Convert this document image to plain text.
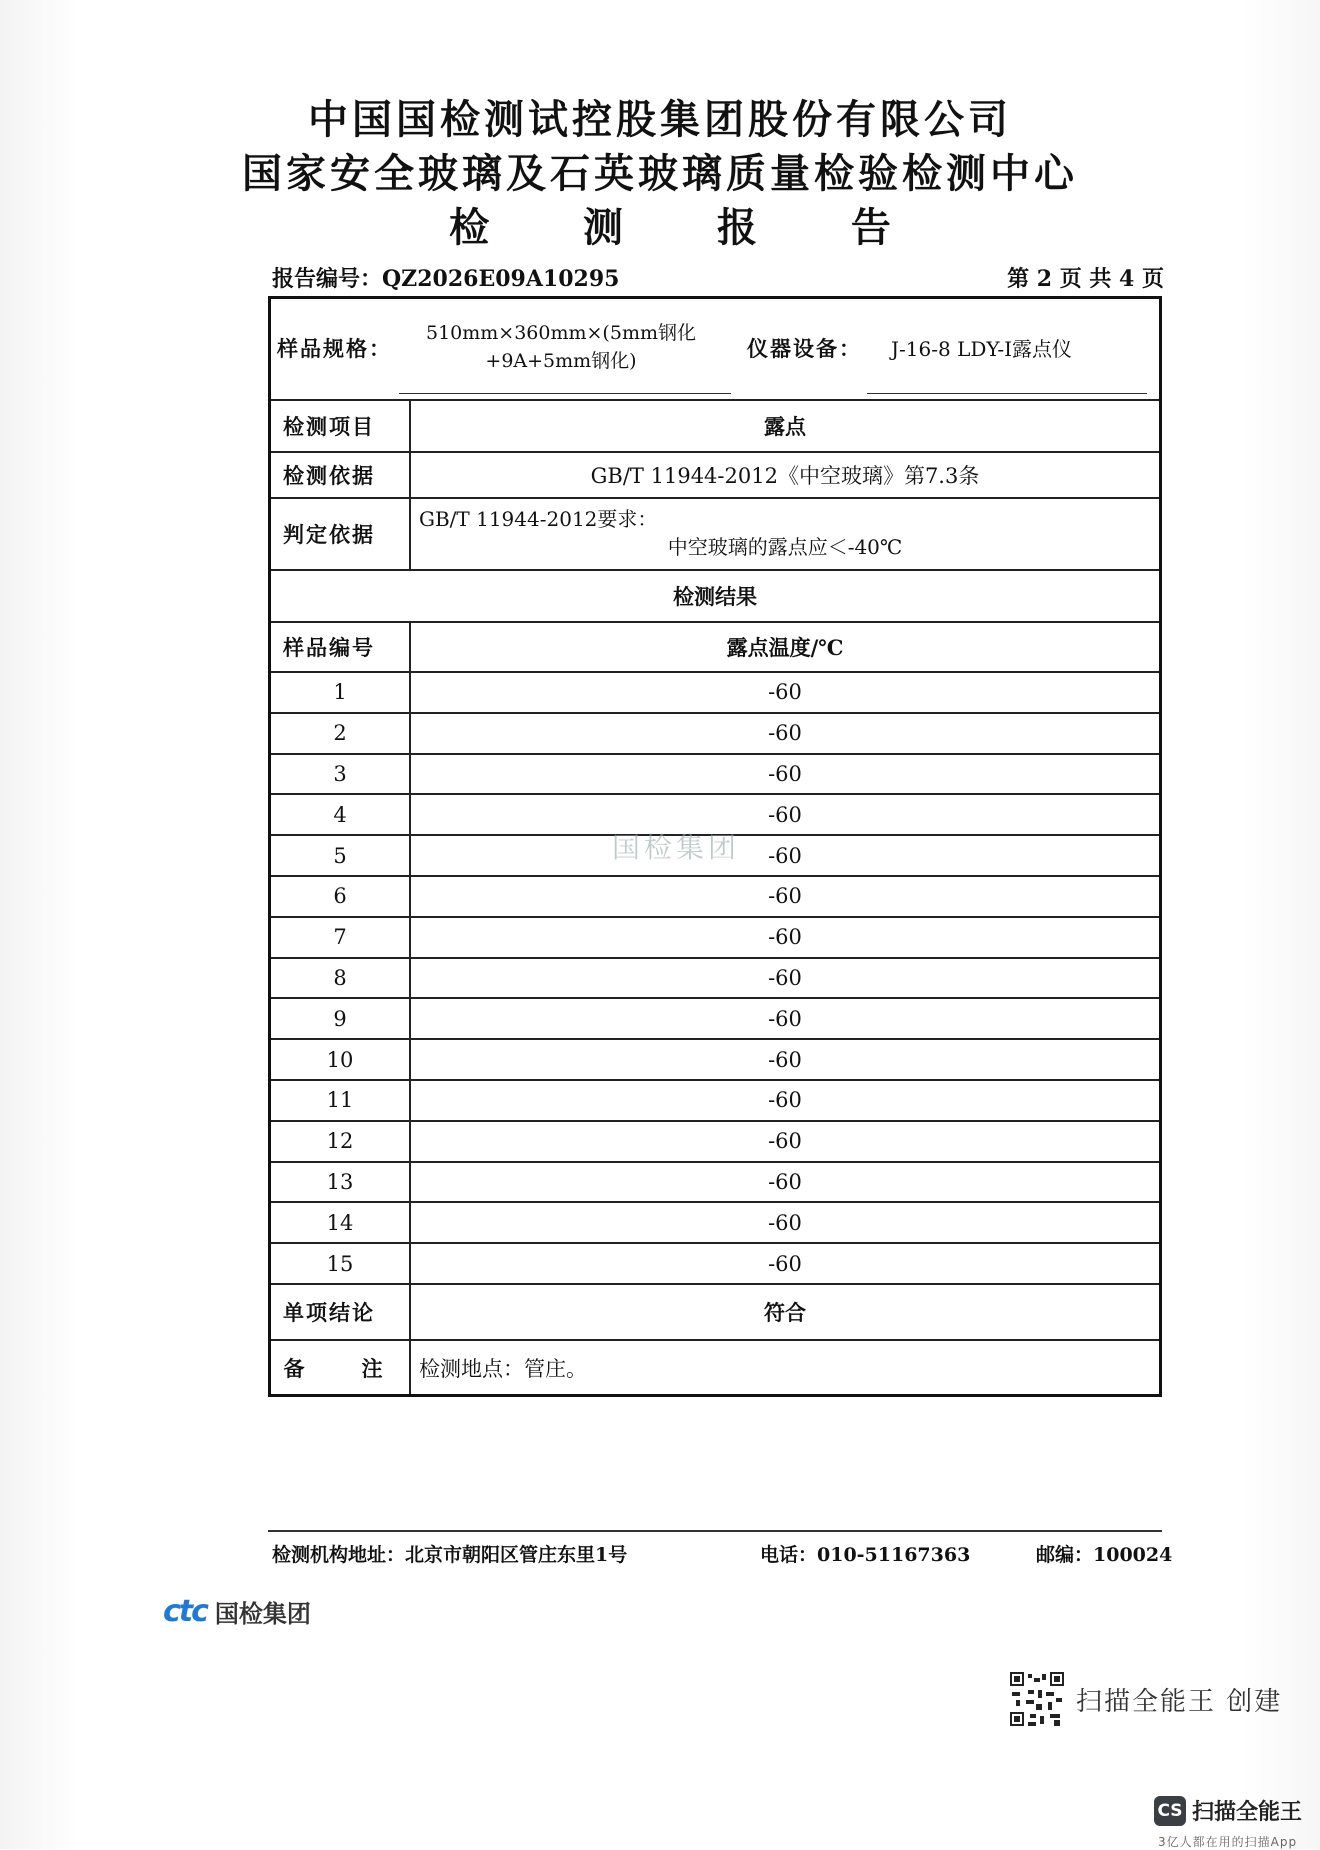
中国国检测试控股集团股份有限公司
国家安全玻璃及石英玻璃质量检验检测中心
检 测 报 告
报告编号：QZ2026E09A10295	第 2 页 共 4 页
样品规格：
510mm×360mm×(5mm钢化
+9A+5mm钢化) 仪器设备： J-16-8 LDY-Ⅰ露点仪	

检测项目	露点
检测依据	GB/T 11944-2012《中空玻璃》第7.3条
判定依据	GB/T 11944-2012要求：
中空玻璃的露点应＜-40℃

检测结果	
样品编号	露点温度/℃
1	-60
2	-60
3	-60
4	-60
5	-60
6	-60
7	-60
8	-60
9	-60
10	-60
11	-60
12	-60
13	-60
14	-60
15	-60
单项结论	符合
备　注	检测地点：管庄。
检测机构地址：北京市朝阳区管庄东里1号	电话：010-51167363	邮编：100024
ctc 国检集团
国检集团
扫描全能王 创建
CS 扫描全能王
3亿人都在用的扫描App
